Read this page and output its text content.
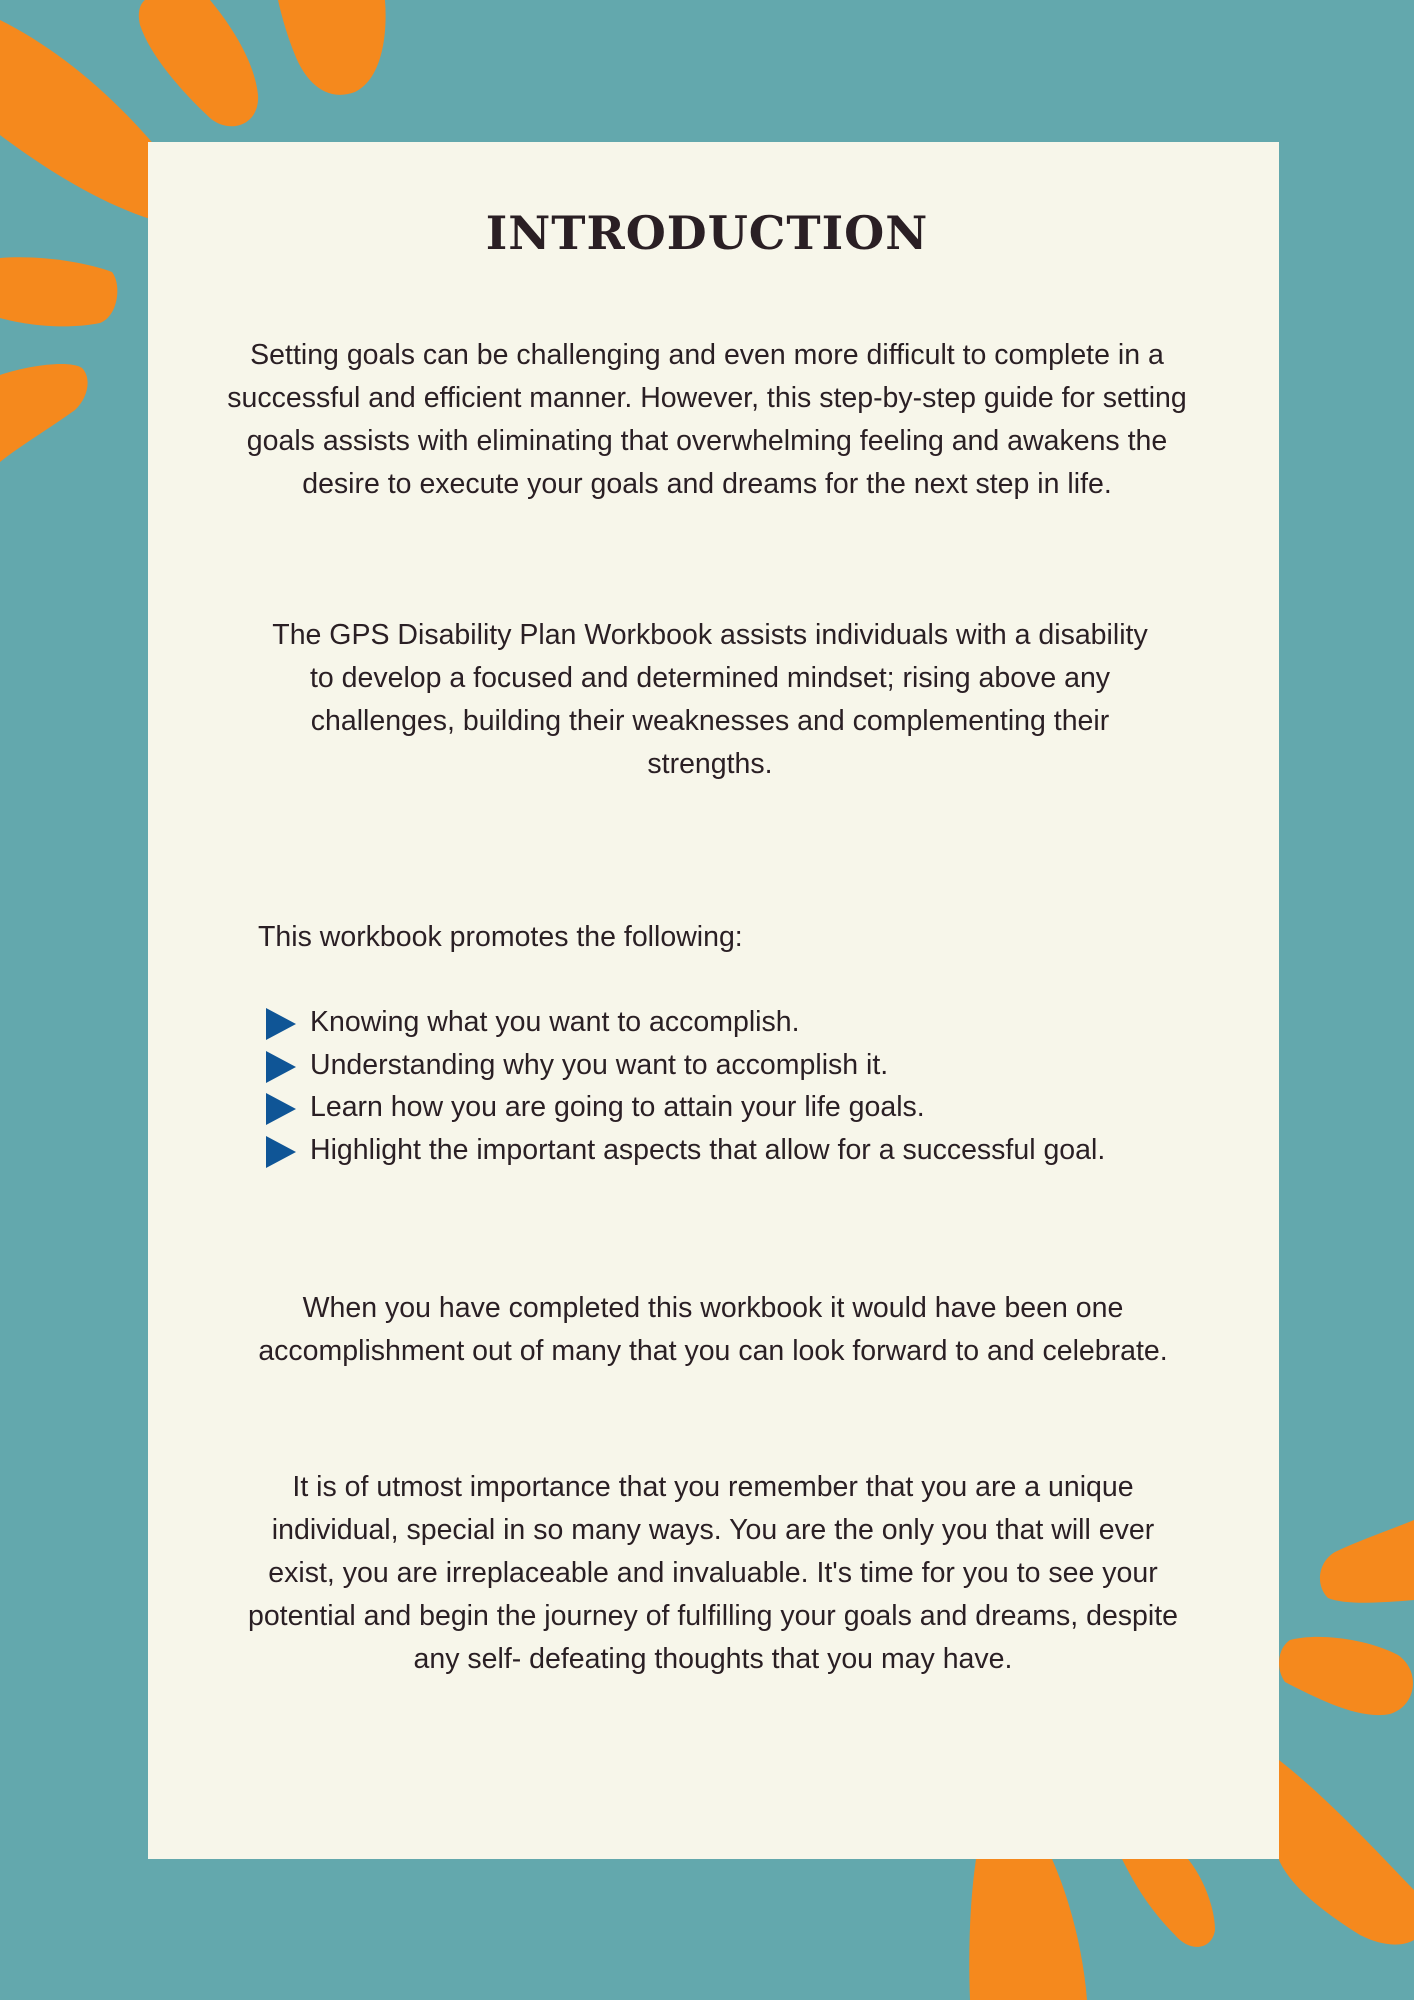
INTRODUCTION

Setting goals can be challenging and even more difficult to complete in a successful and efficient manner. However, this step-by-step guide for setting goals assists with eliminating that overwhelming feeling and awakens the desire to execute your goals and dreams for the next step in life.

The GPS Disability Plan Workbook assists individuals with a disability to develop a focused and determined mindset; rising above any challenges, building their weaknesses and complementing their strengths.

This workbook promotes the following:

Knowing what you want to accomplish.
Understanding why you want to accomplish it.
Learn how you are going to attain your life goals.
Highlight the important aspects that allow for a successful goal.

When you have completed this workbook it would have been one accomplishment out of many that you can look forward to and celebrate.

It is of utmost importance that you remember that you are a unique individual, special in so many ways. You are the only you that will ever exist, you are irreplaceable and invaluable. It's time for you to see your potential and begin the journey of fulfilling your goals and dreams, despite any self- defeating thoughts that you may have.
